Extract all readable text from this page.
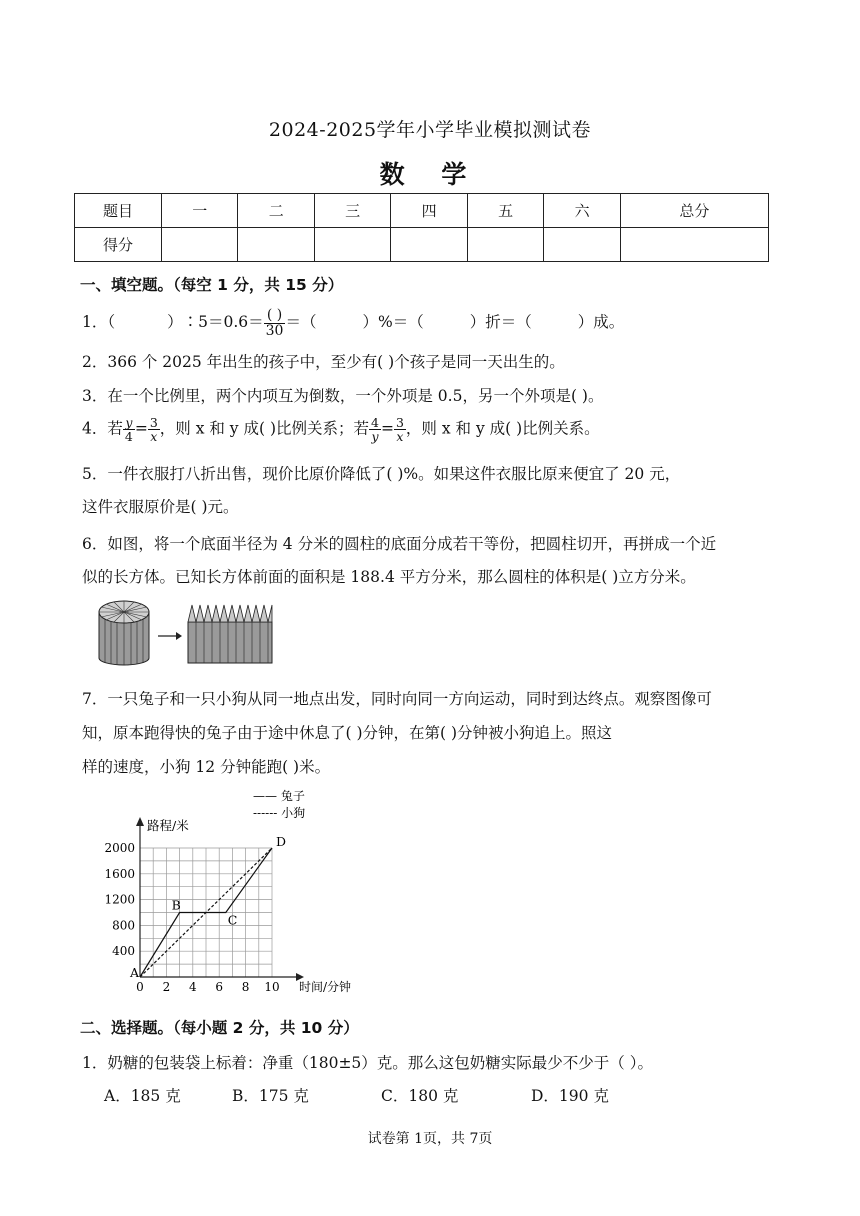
2024-2025学年小学毕业模拟测试卷
数 学
题目	一	二	三	四	五	六	总分
得分							
一、填空题。（每空 1 分，共 15 分）
1．（	）∶5＝0.6＝ $\frac{( )}{30}$ ＝（	）%＝（	）折＝（	）成。
2．366 个 2025 年出生的孩子中，至少有( )个孩子是同一天出生的。
3．在一个比例里，两个内项互为倒数，一个外项是 0.5，另一个外项是( )。
4．若 $\frac{y}{4} = \frac{3}{x}$ ，则 x 和 y 成( )比例关系；若 $\frac{4}{y} = \frac{3}{x}$ ，则 x 和 y 成( )比例关系。
5．一件衣服打八折出售，现价比原价降低了( )%。如果这件衣服比原来便宜了 20 元，
这件衣服原价是( )元。
6．如图，将一个底面半径为 4 分米的圆柱的底面分成若干等份，把圆柱切开，再拼成一个近
似的长方体。已知长方体前面的面积是 188.4 平方分米，那么圆柱的体积是( )立方分米。
7．一只兔子和一只小狗从同一地点出发，同时向同一方向运动，同时到达终点。观察图像可
知，原本跑得快的兔子由于途中休息了( )分钟，在第( )分钟被小狗追上。照这
样的速度，小狗 12 分钟能跑( )米。
0 2 4 6 8 10
400
800
1200
1600
2000
A
B
C
D
路程/米
时间/分钟
—— 兔子
------ 小狗
二、选择题。（每小题 2 分，共 10 分）
1．奶糖的包装袋上标着：净重（180±5）克。那么这包奶糖实际最少不少于（ ）。
A．185 克	B．175 克	C．180 克	D．190 克
试卷第 1页，共 7页
